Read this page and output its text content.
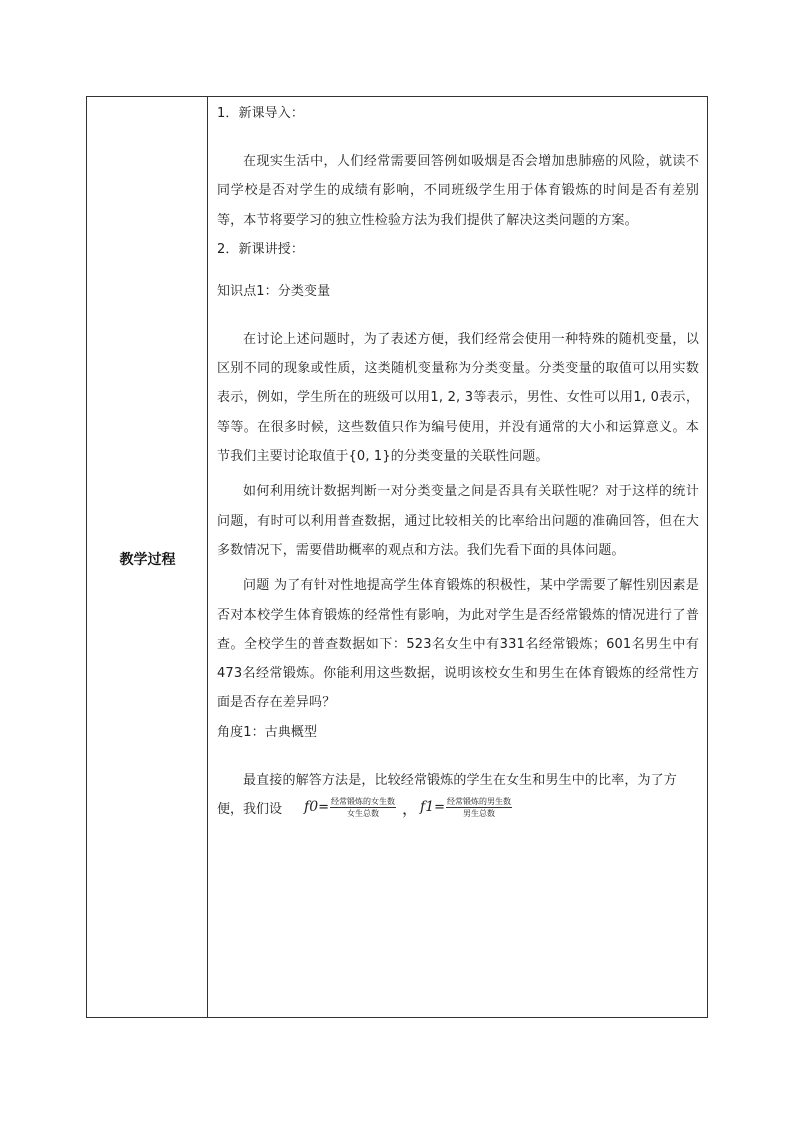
教学过程

1．新课导入：

在现实生活中，人们经常需要回答例如吸烟是否会增加患肺癌的风险，就读不同学校是否对学生的成绩有影响，不同班级学生用于体育锻炼的时间是否有差别等，本节将要学习的独立性检验方法为我们提供了解决这类问题的方案。

2．新课讲授：

知识点1：分类变量

在讨论上述问题时，为了表述方便，我们经常会使用一种特殊的随机变量，以区别不同的现象或性质，这类随机变量称为分类变量。分类变量的取值可以用实数表示，例如，学生所在的班级可以用1, 2, 3等表示，男性、女性可以用1, 0表示，等等。在很多时候，这些数值只作为编号使用，并没有通常的大小和运算意义。本节我们主要讨论取值于{0, 1}的分类变量的关联性问题。

如何利用统计数据判断一对分类变量之间是否具有关联性呢？对于这样的统计问题，有时可以利用普查数据，通过比较相关的比率给出问题的准确回答，但在大多数情况下，需要借助概率的观点和方法。我们先看下面的具体问题。

问题 为了有针对性地提高学生体育锻炼的积极性，某中学需要了解性别因素是否对本校学生体育锻炼的经常性有影响，为此对学生是否经常锻炼的情况进行了普查。全校学生的普查数据如下：523名女生中有331名经常锻炼；601名男生中有473名经常锻炼。你能利用这些数据，说明该校女生和男生在体育锻炼的经常性方面是否存在差异吗？

角度1：古典概型

最直接的解答方法是，比较经常锻炼的学生在女生和男生中的比率，为了方

便，我们设 $f0 = \frac{\text{经常锻炼的女生数}}{\text{女生总数}}$ ， $f1 = \frac{\text{经常锻炼的男生数}}{\text{男生总数}}$
